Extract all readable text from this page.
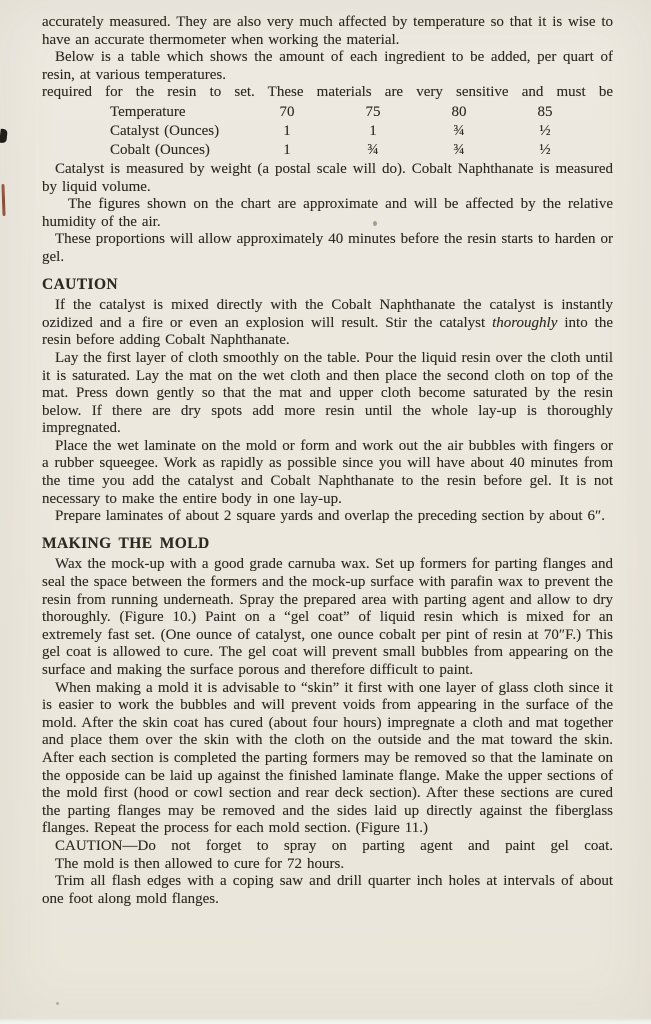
accurately measured. They are also very much affected by temperature so that it is wise to have an accurate thermometer when working the material.

Below is a table which shows the amount of each ingredient to be added, per quart of resin, at various temperatures.

required for the resin to set. These materials are very sensitive and must be

Temperature	70	75	80	85
Catalyst (Ounces)	1	1	¾	½
Cobalt (Ounces)	1	¾	¾	½

Catalyst is measured by weight (a postal scale will do). Cobalt Naphthanate is measured by liquid volume.

The figures shown on the chart are approximate and will be affected by the relative humidity of the air.

These proportions will allow approximately 40 minutes before the resin starts to harden or gel.

CAUTION

If the catalyst is mixed directly with the Cobalt Naphthanate the catalyst is instantly ozidized and a fire or even an explosion will result. Stir the catalyst thoroughly into the resin before adding Cobalt Naphthanate.

Lay the first layer of cloth smoothly on the table. Pour the liquid resin over the cloth until it is saturated. Lay the mat on the wet cloth and then place the second cloth on top of the mat. Press down gently so that the mat and upper cloth become saturated by the resin below. If there are dry spots add more resin until the whole lay-up is thoroughly impregnated.

Place the wet laminate on the mold or form and work out the air bubbles with fingers or a rubber squeegee. Work as rapidly as possible since you will have about 40 minutes from the time you add the catalyst and Cobalt Naphthanate to the resin before gel. It is not necessary to make the entire body in one lay-up.

Prepare laminates of about 2 square yards and overlap the preceding section by about 6″.

MAKING THE MOLD

Wax the mock-up with a good grade carnuba wax. Set up formers for parting flanges and seal the space between the formers and the mock-up surface with parafin wax to prevent the resin from running underneath. Spray the prepared area with parting agent and allow to dry thoroughly. (Figure 10.) Paint on a “gel coat” of liquid resin which is mixed for an extremely fast set. (One ounce of catalyst, one ounce cobalt per pint of resin at 70″F.) This gel coat is allowed to cure. The gel coat will prevent small bubbles from appearing on the surface and making the surface porous and therefore difficult to paint.

When making a mold it is advisable to “skin” it first with one layer of glass cloth since it is easier to work the bubbles and will prevent voids from appearing in the surface of the mold. After the skin coat has cured (about four hours) impregnate a cloth and mat together and place them over the skin with the cloth on the outside and the mat toward the skin. After each section is completed the parting formers may be removed so that the laminate on the opposide can be laid up against the finished laminate flange. Make the upper sections of the mold first (hood or cowl section and rear deck section). After these sections are cured the parting flanges may be removed and the sides laid up directly against the fiberglass flanges. Repeat the process for each mold section. (Figure 11.)

CAUTION—Do not forget to spray on parting agent and paint gel coat.

The mold is then allowed to cure for 72 hours.

Trim all flash edges with a coping saw and drill quarter inch holes at intervals of about one foot along mold flanges.
